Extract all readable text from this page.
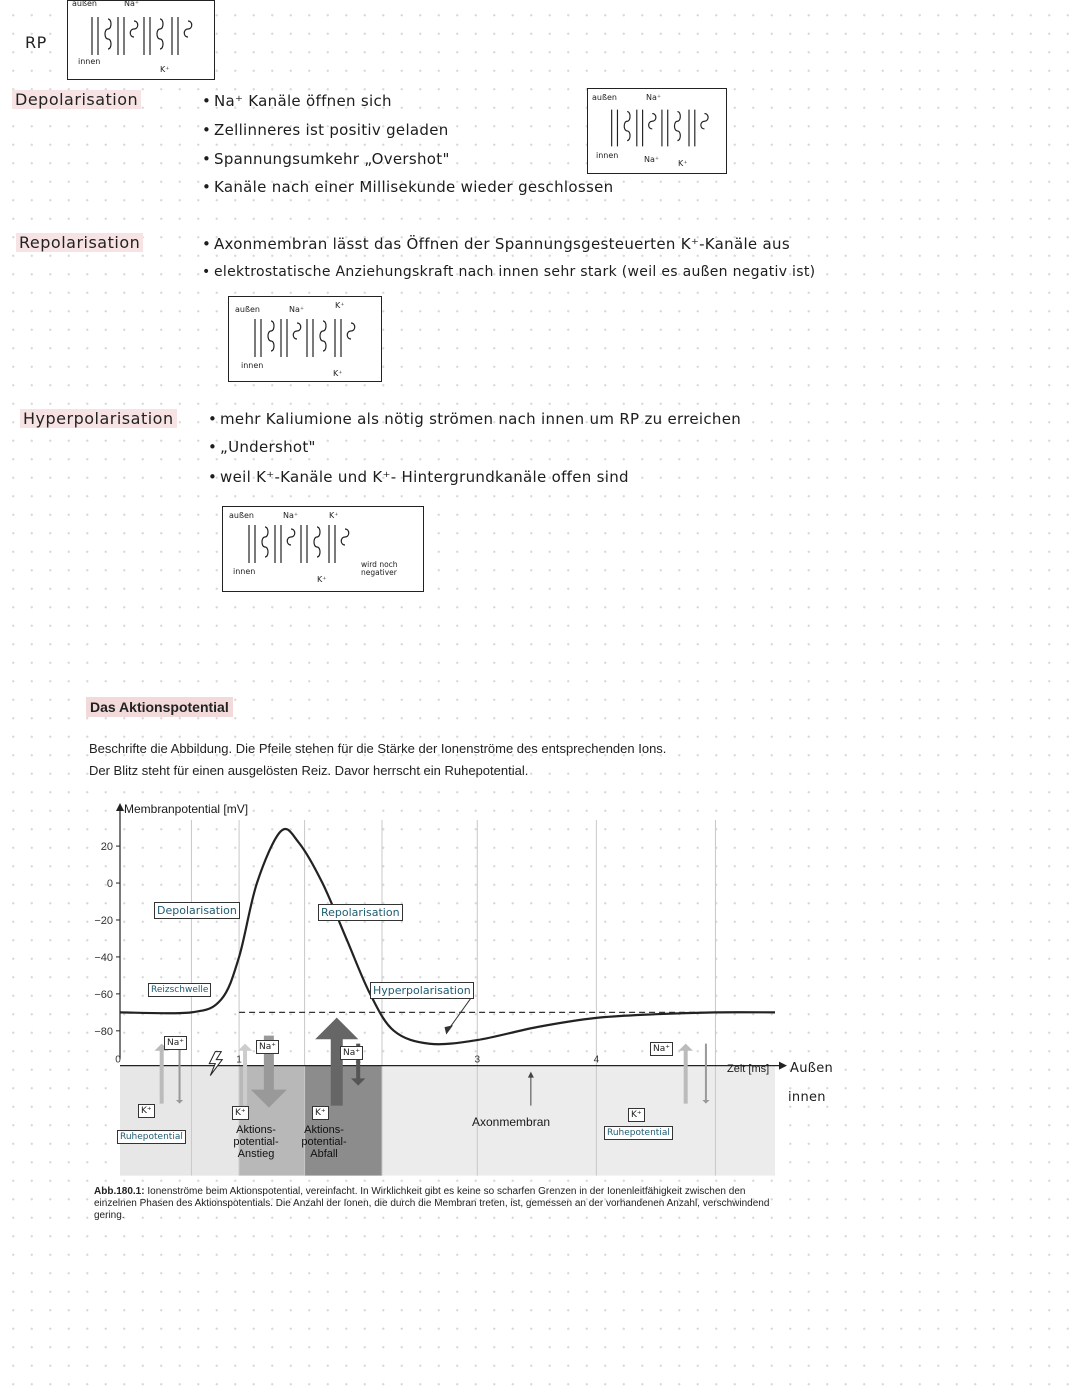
außen	Na⁺
innen
K⁺
RP
Depolarisation	• Na⁺ Kanäle öffnen sich
• Zellinneres ist positiv geladen
• Spannungsumkehr „Overshot"
• Kanäle nach einer Millisekunde wieder geschlossen
außen	Na⁺
innen	Na⁺ K⁺
Repolarisation	• Axonmembran lässt das Öffnen der Spannungsgesteuerten K⁺-Kanäle aus
• elektrostatische Anziehungskraft nach innen sehr stark (weil es außen negativ ist)
außen	Na⁺	K⁺
innen
K⁺
Hyperpolarisation	• mehr Kaliumione als nötig strömen nach innen um RP zu erreichen
• „Undershot"
• weil K⁺-Kanäle und K⁺- Hintergrundkanäle offen sind
außen	Na⁺	K⁺
innen
K⁺
wird noch negativer
Das Aktionspotential
Beschrifte die Abbildung. Die Pfeile stehen für die Stärke der Ionenströme des entsprechenden Ions.
Der Blitz steht für einen ausgelösten Reiz. Davor herrscht ein Ruhepotential.
20
0
−20
−40
−60
−80
0	1	3	4
Membranpotential [mV]
Zeit [ms]
Depolarisation	Repolarisation
Hyperpolarisation
Reizschwelle
Ruhepotential	Ruhepotential
Na⁺	Na⁺
Na⁺	Na⁺
K⁺	K⁺	K⁺	K⁺
Aktions-
potential-
Anstieg
Aktions-
potential-
Abfall
Axonmembran
Außen
innen
Abb.180.1: Ionenströme beim Aktionspotential, vereinfacht. In Wirklichkeit gibt es keine so scharfen Grenzen in der Ionenleitfähigkeit zwischen den einzelnen Phasen des Aktionspotentials. Die Anzahl der Ionen, die durch die Membran treten, ist, gemessen an der vorhandenen Anzahl, verschwindend gering.
